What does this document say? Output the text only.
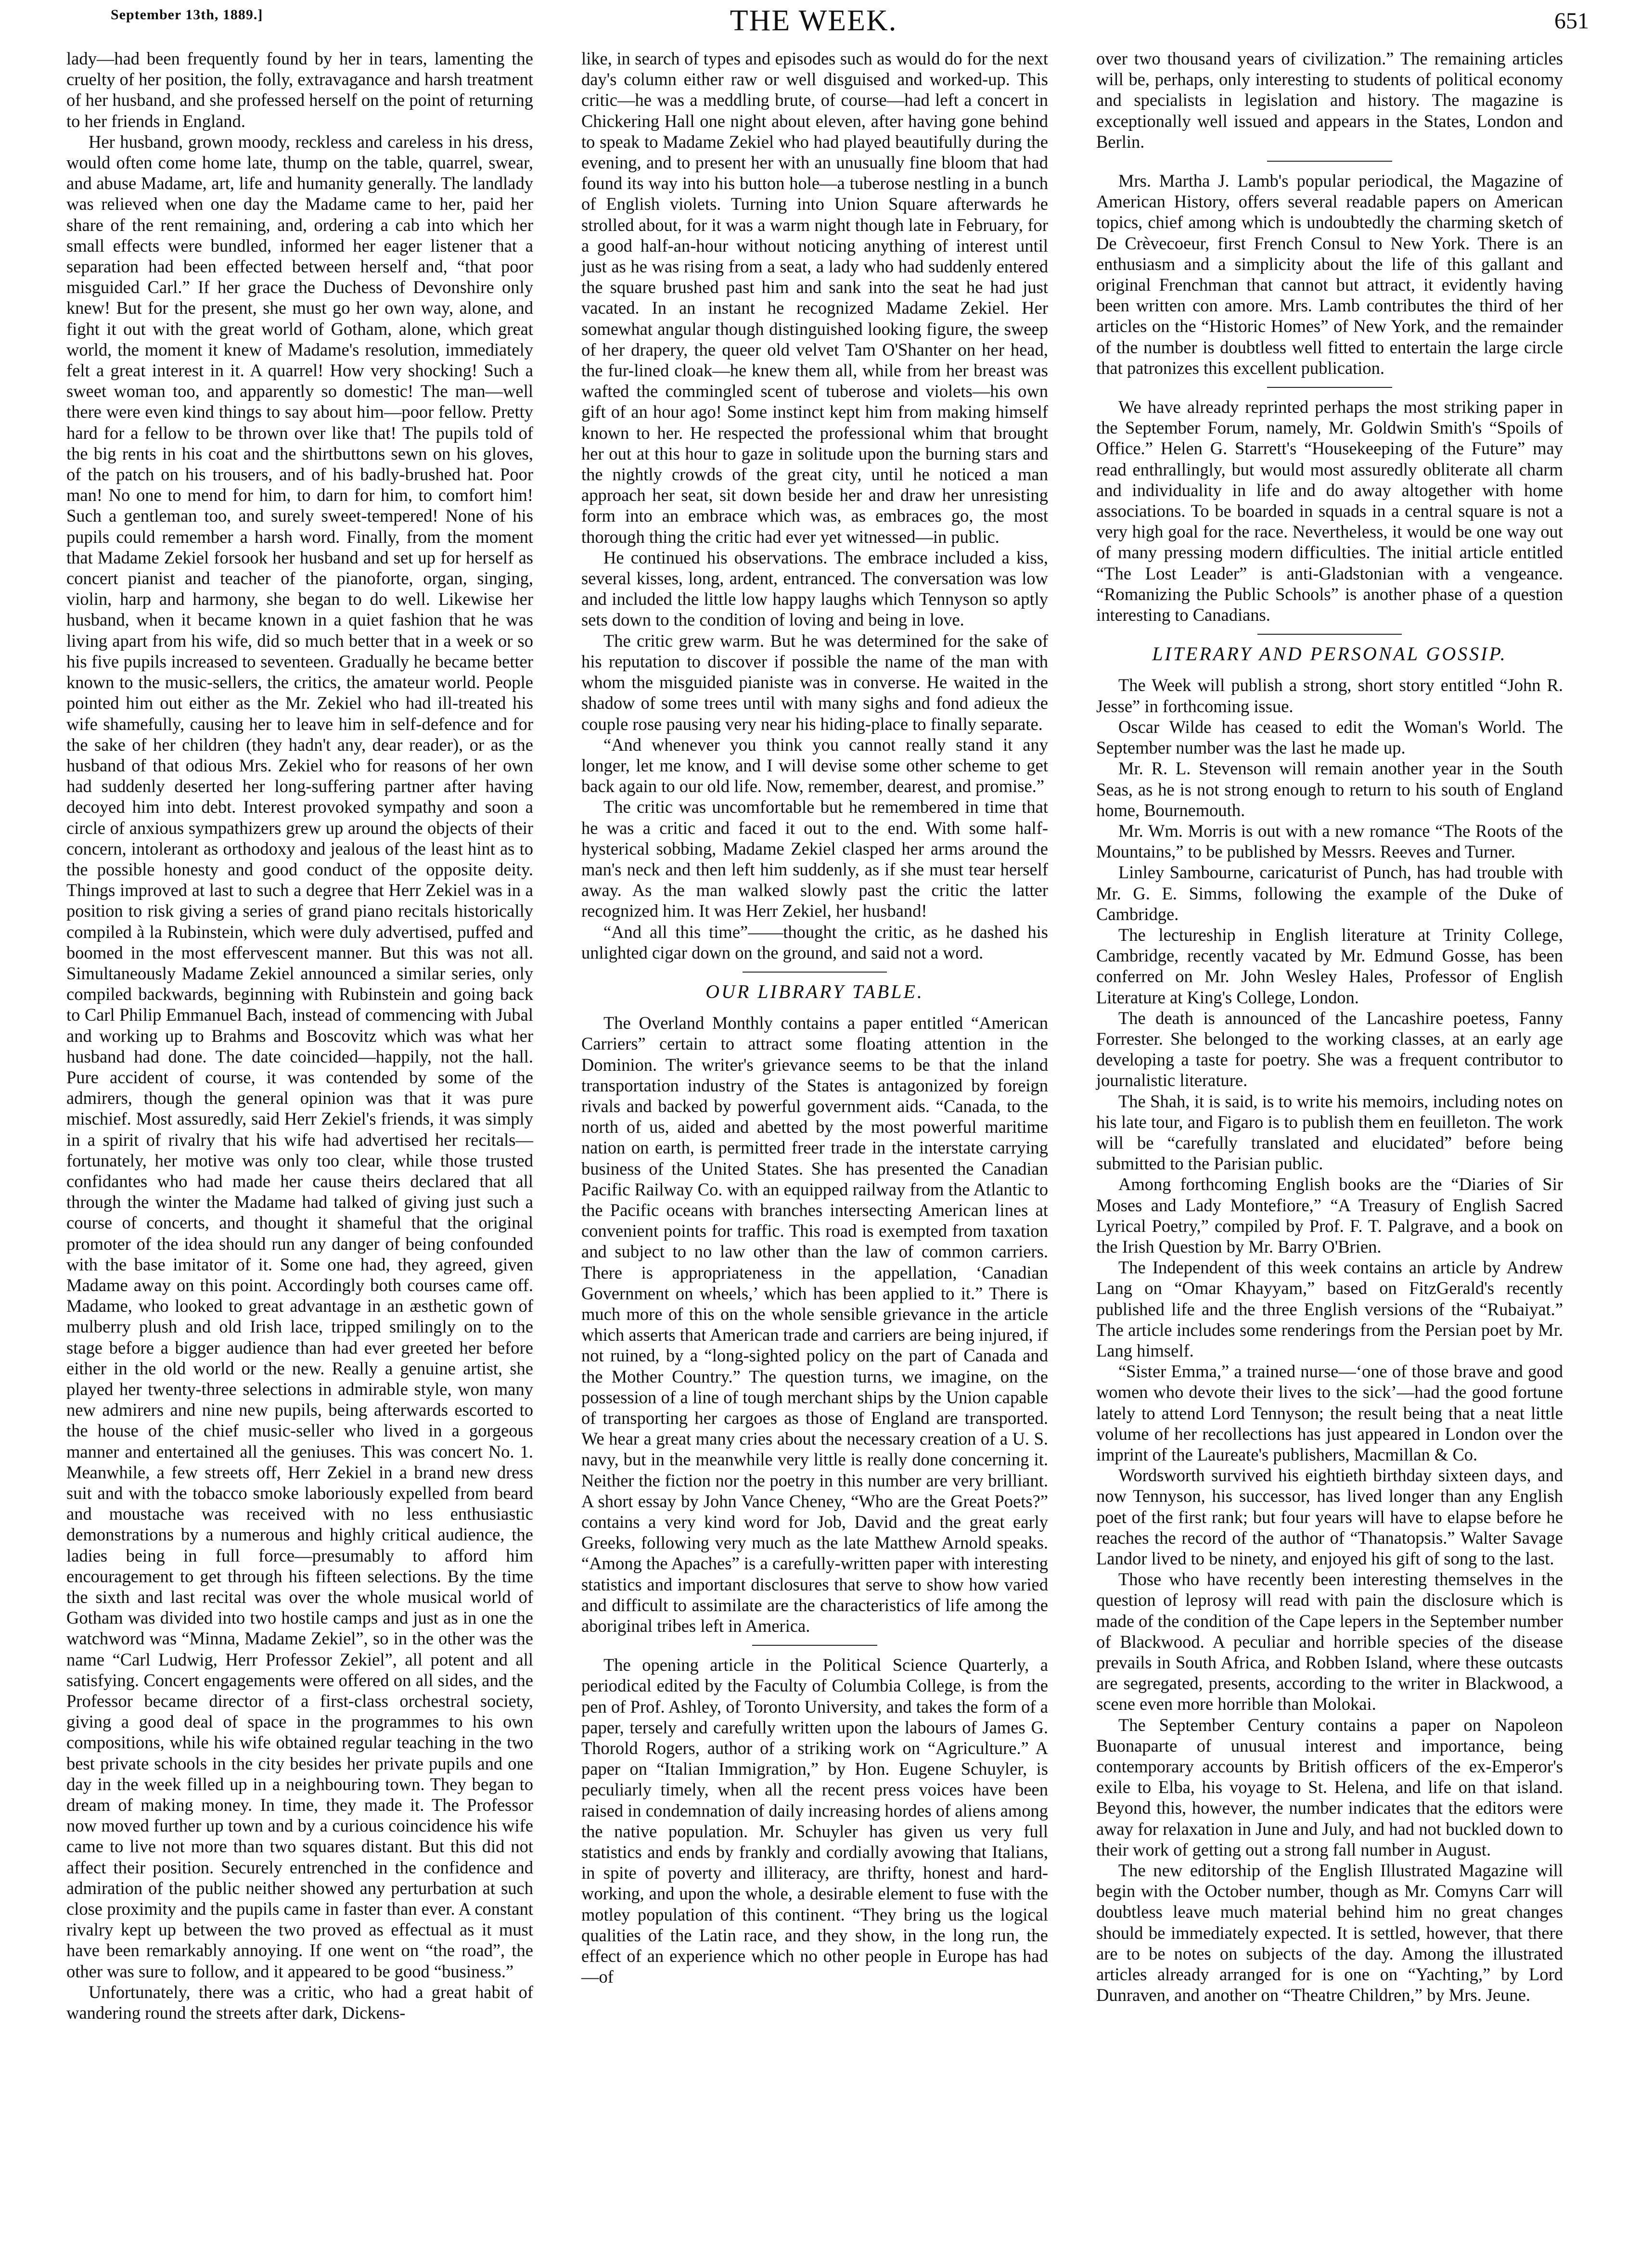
September 13th, 1889.]	THE WEEK.	651

lady—had been frequently found by her in tears, lamenting the cruelty of her position, the folly, extravagance and harsh treatment of her husband, and she professed herself on the point of returning to her friends in England.

Her husband, grown moody, reckless and careless in his dress, would often come home late, thump on the table, quarrel, swear, and abuse Madame, art, life and humanity generally. The landlady was relieved when one day the Madame came to her, paid her share of the rent remaining, and, ordering a cab into which her small effects were bundled, informed her eager listener that a separation had been effected between herself and, “that poor misguided Carl.” If her grace the Duchess of Devonshire only knew! But for the present, she must go her own way, alone, and fight it out with the great world of Gotham, alone, which great world, the moment it knew of Madame's resolution, immediately felt a great interest in it. A quarrel! How very shocking! Such a sweet woman too, and apparently so domestic! The man—well there were even kind things to say about him—poor fellow. Pretty hard for a fellow to be thrown over like that! The pupils told of the big rents in his coat and the shirtbuttons sewn on his gloves, of the patch on his trousers, and of his badly-brushed hat. Poor man! No one to mend for him, to darn for him, to comfort him! Such a gentleman too, and surely sweet-tempered! None of his pupils could remember a harsh word. Finally, from the moment that Madame Zekiel forsook her husband and set up for herself as concert pianist and teacher of the pianoforte, organ, singing, violin, harp and harmony, she began to do well. Likewise her husband, when it became known in a quiet fashion that he was living apart from his wife, did so much better that in a week or so his five pupils increased to seventeen. Gradually he became better known to the music-sellers, the critics, the amateur world. People pointed him out either as the Mr. Zekiel who had ill-treated his wife shamefully, causing her to leave him in self-defence and for the sake of her children (they hadn't any, dear reader), or as the husband of that odious Mrs. Zekiel who for reasons of her own had suddenly deserted her long-suffering partner after having decoyed him into debt. Interest provoked sympathy and soon a circle of anxious sympathizers grew up around the objects of their concern, intolerant as orthodoxy and jealous of the least hint as to the possible honesty and good conduct of the opposite deity. Things improved at last to such a degree that Herr Zekiel was in a position to risk giving a series of grand piano recitals historically compiled à la Rubinstein, which were duly advertised, puffed and boomed in the most effervescent manner. But this was not all. Simultaneously Madame Zekiel announced a similar series, only compiled backwards, beginning with Rubinstein and going back to Carl Philip Emmanuel Bach, instead of commencing with Jubal and working up to Brahms and Boscovitz which was what her husband had done. The date coincided—happily, not the hall. Pure accident of course, it was contended by some of the admirers, though the general opinion was that it was pure mischief. Most assuredly, said Herr Zekiel's friends, it was simply in a spirit of rivalry that his wife had advertised her recitals—fortunately, her motive was only too clear, while those trusted confidantes who had made her cause theirs declared that all through the winter the Madame had talked of giving just such a course of concerts, and thought it shameful that the original promoter of the idea should run any danger of being confounded with the base imitator of it. Some one had, they agreed, given Madame away on this point. Accordingly both courses came off. Madame, who looked to great advantage in an æsthetic gown of mulberry plush and old Irish lace, tripped smilingly on to the stage before a bigger audience than had ever greeted her before either in the old world or the new. Really a genuine artist, she played her twenty-three selections in admirable style, won many new admirers and nine new pupils, being afterwards escorted to the house of the chief music-seller who lived in a gorgeous manner and entertained all the geniuses. This was concert No. 1. Meanwhile, a few streets off, Herr Zekiel in a brand new dress suit and with the tobacco smoke laboriously expelled from beard and moustache was received with no less enthusiastic demonstrations by a numerous and highly critical audience, the ladies being in full force—presumably to afford him encouragement to get through his fifteen selections. By the time the sixth and last recital was over the whole musical world of Gotham was divided into two hostile camps and just as in one the watchword was “Minna, Madame Zekiel”, so in the other was the name “Carl Ludwig, Herr Professor Zekiel”, all potent and all satisfying. Concert engagements were offered on all sides, and the Professor became director of a first-class orchestral society, giving a good deal of space in the programmes to his own compositions, while his wife obtained regular teaching in the two best private schools in the city besides her private pupils and one day in the week filled up in a neighbouring town. They began to dream of making money. In time, they made it. The Professor now moved further up town and by a curious coincidence his wife came to live not more than two squares distant. But this did not affect their position. Securely entrenched in the confidence and admiration of the public neither showed any perturbation at such close proximity and the pupils came in faster than ever. A constant rivalry kept up between the two proved as effectual as it must have been remarkably annoying. If one went on “the road”, the other was sure to follow, and it appeared to be good “business.”

Unfortunately, there was a critic, who had a great habit of wandering round the streets after dark, Dickens-

like, in search of types and episodes such as would do for the next day's column either raw or well disguised and worked-up. This critic—he was a meddling brute, of course—had left a concert in Chickering Hall one night about eleven, after having gone behind to speak to Madame Zekiel who had played beautifully during the evening, and to present her with an unusually fine bloom that had found its way into his button hole—a tuberose nestling in a bunch of English violets. Turning into Union Square afterwards he strolled about, for it was a warm night though late in February, for a good half-an-hour without noticing anything of interest until just as he was rising from a seat, a lady who had suddenly entered the square brushed past him and sank into the seat he had just vacated. In an instant he recognized Madame Zekiel. Her somewhat angular though distinguished looking figure, the sweep of her drapery, the queer old velvet Tam O'Shanter on her head, the fur-lined cloak—he knew them all, while from her breast was wafted the commingled scent of tuberose and violets—his own gift of an hour ago! Some instinct kept him from making himself known to her. He respected the professional whim that brought her out at this hour to gaze in solitude upon the burning stars and the nightly crowds of the great city, until he noticed a man approach her seat, sit down beside her and draw her unresisting form into an embrace which was, as embraces go, the most thorough thing the critic had ever yet witnessed—in public.

He continued his observations. The embrace included a kiss, several kisses, long, ardent, entranced. The conversation was low and included the little low happy laughs which Tennyson so aptly sets down to the condition of loving and being in love.

The critic grew warm. But he was determined for the sake of his reputation to discover if possible the name of the man with whom the misguided pianiste was in converse. He waited in the shadow of some trees until with many sighs and fond adieux the couple rose pausing very near his hiding-place to finally separate.

“And whenever you think you cannot really stand it any longer, let me know, and I will devise some other scheme to get back again to our old life. Now, remember, dearest, and promise.”

The critic was uncomfortable but he remembered in time that he was a critic and faced it out to the end. With some half-hysterical sobbing, Madame Zekiel clasped her arms around the man's neck and then left him suddenly, as if she must tear herself away. As the man walked slowly past the critic the latter recognized him. It was Herr Zekiel, her husband!

“And all this time”——thought the critic, as he dashed his unlighted cigar down on the ground, and said not a word.

OUR LIBRARY TABLE.

The Overland Monthly contains a paper entitled “American Carriers” certain to attract some floating attention in the Dominion. The writer's grievance seems to be that the inland transportation industry of the States is antagonized by foreign rivals and backed by powerful government aids. “Canada, to the north of us, aided and abetted by the most powerful maritime nation on earth, is permitted freer trade in the interstate carrying business of the United States. She has presented the Canadian Pacific Railway Co. with an equipped railway from the Atlantic to the Pacific oceans with branches intersecting American lines at convenient points for traffic. This road is exempted from taxation and subject to no law other than the law of common carriers. There is appropriateness in the appellation, ‘Canadian Government on wheels,’ which has been applied to it.” There is much more of this on the whole sensible grievance in the article which asserts that American trade and carriers are being injured, if not ruined, by a “long-sighted policy on the part of Canada and the Mother Country.” The question turns, we imagine, on the possession of a line of tough merchant ships by the Union capable of transporting her cargoes as those of England are transported. We hear a great many cries about the necessary creation of a U. S. navy, but in the meanwhile very little is really done concerning it. Neither the fiction nor the poetry in this number are very brilliant. A short essay by John Vance Cheney, “Who are the Great Poets?” contains a very kind word for Job, David and the great early Greeks, following very much as the late Matthew Arnold speaks. “Among the Apaches” is a carefully-written paper with interesting statistics and important disclosures that serve to show how varied and difficult to assimilate are the characteristics of life among the aboriginal tribes left in America.

The opening article in the Political Science Quarterly, a periodical edited by the Faculty of Columbia College, is from the pen of Prof. Ashley, of Toronto University, and takes the form of a paper, tersely and carefully written upon the labours of James G. Thorold Rogers, author of a striking work on “Agriculture.” A paper on “Italian Immigration,” by Hon. Eugene Schuyler, is peculiarly timely, when all the recent press voices have been raised in condemnation of daily increasing hordes of aliens among the native population. Mr. Schuyler has given us very full statistics and ends by frankly and cordially avowing that Italians, in spite of poverty and illiteracy, are thrifty, honest and hard-working, and upon the whole, a desirable element to fuse with the motley population of this continent. “They bring us the logical qualities of the Latin race, and they show, in the long run, the effect of an experience which no other people in Europe has had—of

over two thousand years of civilization.” The remaining articles will be, perhaps, only interesting to students of political economy and specialists in legislation and history. The magazine is exceptionally well issued and appears in the States, London and Berlin.

Mrs. Martha J. Lamb's popular periodical, the Magazine of American History, offers several readable papers on American topics, chief among which is undoubtedly the charming sketch of De Crèvecoeur, first French Consul to New York. There is an enthusiasm and a simplicity about the life of this gallant and original Frenchman that cannot but attract, it evidently having been written con amore. Mrs. Lamb contributes the third of her articles on the “Historic Homes” of New York, and the remainder of the number is doubtless well fitted to entertain the large circle that patronizes this excellent publication.

We have already reprinted perhaps the most striking paper in the September Forum, namely, Mr. Goldwin Smith's “Spoils of Office.” Helen G. Starrett's “Housekeeping of the Future” may read enthrallingly, but would most assuredly obliterate all charm and individuality in life and do away altogether with home associations. To be boarded in squads in a central square is not a very high goal for the race. Nevertheless, it would be one way out of many pressing modern difficulties. The initial article entitled “The Lost Leader” is anti-Gladstonian with a vengeance. “Romanizing the Public Schools” is another phase of a question interesting to Canadians.

LITERARY AND PERSONAL GOSSIP.

The Week will publish a strong, short story entitled “John R. Jesse” in forthcoming issue.

Oscar Wilde has ceased to edit the Woman's World. The September number was the last he made up.

Mr. R. L. Stevenson will remain another year in the South Seas, as he is not strong enough to return to his south of England home, Bournemouth.

Mr. Wm. Morris is out with a new romance “The Roots of the Mountains,” to be published by Messrs. Reeves and Turner.

Linley Sambourne, caricaturist of Punch, has had trouble with Mr. G. E. Simms, following the example of the Duke of Cambridge.

The lectureship in English literature at Trinity College, Cambridge, recently vacated by Mr. Edmund Gosse, has been conferred on Mr. John Wesley Hales, Professor of English Literature at King's College, London.

The death is announced of the Lancashire poetess, Fanny Forrester. She belonged to the working classes, at an early age developing a taste for poetry. She was a frequent contributor to journalistic literature.

The Shah, it is said, is to write his memoirs, including notes on his late tour, and Figaro is to publish them en feuilleton. The work will be “carefully translated and elucidated” before being submitted to the Parisian public.

Among forthcoming English books are the “Diaries of Sir Moses and Lady Montefiore,” “A Treasury of English Sacred Lyrical Poetry,” compiled by Prof. F. T. Palgrave, and a book on the Irish Question by Mr. Barry O'Brien.

The Independent of this week contains an article by Andrew Lang on “Omar Khayyam,” based on FitzGerald's recently published life and the three English versions of the “Rubaiyat.” The article includes some renderings from the Persian poet by Mr. Lang himself.

“Sister Emma,” a trained nurse—‘one of those brave and good women who devote their lives to the sick’—had the good fortune lately to attend Lord Tennyson; the result being that a neat little volume of her recollections has just appeared in London over the imprint of the Laureate's publishers, Macmillan & Co.

Wordsworth survived his eightieth birthday sixteen days, and now Tennyson, his successor, has lived longer than any English poet of the first rank; but four years will have to elapse before he reaches the record of the author of “Thanatopsis.” Walter Savage Landor lived to be ninety, and enjoyed his gift of song to the last.

Those who have recently been interesting themselves in the question of leprosy will read with pain the disclosure which is made of the condition of the Cape lepers in the September number of Blackwood. A peculiar and horrible species of the disease prevails in South Africa, and Robben Island, where these outcasts are segregated, presents, according to the writer in Blackwood, a scene even more horrible than Molokai.

The September Century contains a paper on Napoleon Buonaparte of unusual interest and importance, being contemporary accounts by British officers of the ex-Emperor's exile to Elba, his voyage to St. Helena, and life on that island. Beyond this, however, the number indicates that the editors were away for relaxation in June and July, and had not buckled down to their work of getting out a strong fall number in August.

The new editorship of the English Illustrated Magazine will begin with the October number, though as Mr. Comyns Carr will doubtless leave much material behind him no great changes should be immediately expected. It is settled, however, that there are to be notes on subjects of the day. Among the illustrated articles already arranged for is one on “Yachting,” by Lord Dunraven, and another on “Theatre Children,” by Mrs. Jeune.
